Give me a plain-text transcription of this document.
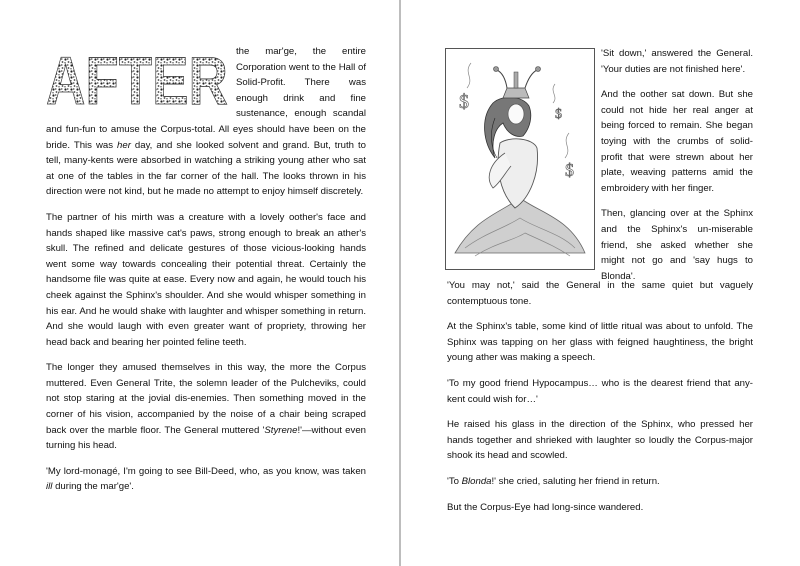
AFTER the mar'ge, the entire Corporation went to the Hall of Solid-Profit. There was enough drink and fine sustenance, enough scandal and fun-fun to amuse the Corpus-total. All eyes should have been on the bride. This was her day, and she looked solvent and grand. But, truth to tell, many-kents were absorbed in watching a striking young ather who sat at one of the tables in the far corner of the hall. The looks thrown in his direction were not kind, but he made no attempt to enjoy himself discretely.

The partner of his mirth was a creature with a lovely oother's face and hands shaped like massive cat's paws, strong enough to break an ather's skull. The refined and delicate gestures of those vicious-looking hands went some way towards concealing their potential threat. Certainly the handsome file was quite at ease. Every now and again, he would touch his cheek against the Sphinx's shoulder. And she would whisper something in his ear. And he would shake with laughter and whisper something in return. And she would laugh with even greater want of propriety, throwing her head back and bearing her pointed feline teeth.

The longer they amused themselves in this way, the more the Corpus muttered. Even General Trite, the solemn leader of the Pulcheviks, could not stop staring at the jovial dis-enemies. Then something moved in the corner of his vision, accompanied by the noise of a chair being scraped back over the marble floor. The General muttered 'Styrene!'—without even turning his head.

'My lord-monagé, I'm going to see Bill-Deed, who, as you know, was taken ill during the mar'ge'.

$
$
$

'Sit down,' answered the General. 'Your duties are not finished here'.

And the oother sat down. But she could not hide her real anger at being forced to remain. She began toying with the crumbs of solid-profit that were strewn about her plate, weaving patterns amid the embroidery with her finger.

Then, glancing over at the Sphinx and the Sphinx's un-miserable friend, she asked whether she might not go and 'say hugs to Blonda'.

'You may not,' said the General in the same quiet but vaguely contemptuous tone.

At the Sphinx's table, some kind of little ritual was about to unfold. The Sphinx was tapping on her glass with feigned haughtiness, the bright young ather was making a speech.

'To my good friend Hypocampus… who is the dearest friend that any-kent could wish for…'

He raised his glass in the direction of the Sphinx, who pressed her hands together and shrieked with laughter so loudly the Corpus-major shook its head and scowled.

'To Blonda!' she cried, saluting her friend in return.

But the Corpus-Eye had long-since wandered.
